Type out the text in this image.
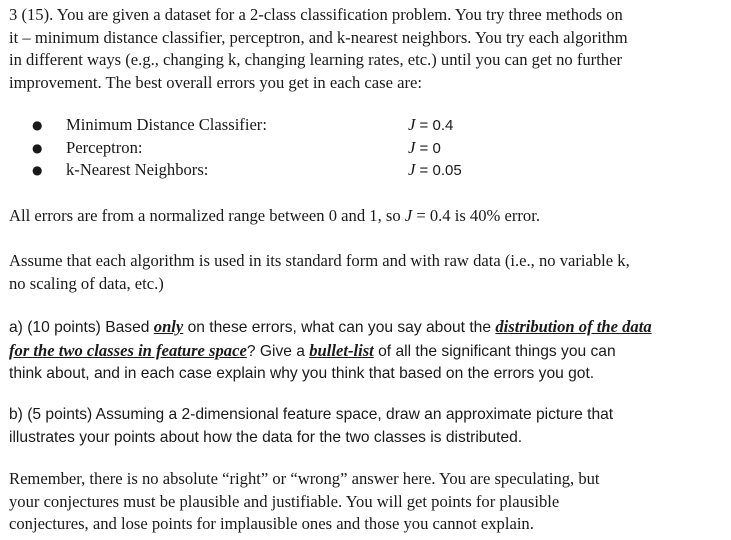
3 (15). You are given a dataset for a 2-class classification problem. You try three methods on
it – minimum distance classifier, perceptron, and k-nearest neighbors. You try each algorithm
in different ways (e.g., changing k, changing learning rates, etc.) until you can get no further
improvement. The best overall errors you get in each case are:

● Minimum Distance Classifier:	J = 0.4
● Perceptron:	J = 0
● k-Nearest Neighbors:	J = 0.05

All errors are from a normalized range between 0 and 1, so J = 0.4 is 40% error.

Assume that each algorithm is used in its standard form and with raw data (i.e., no variable k,
no scaling of data, etc.)

a) (10 points) Based only on these errors, what can you say about the distribution of the data
for the two classes in feature space? Give a bullet-list of all the significant things you can
think about, and in each case explain why you think that based on the errors you got.

b) (5 points) Assuming a 2-dimensional feature space, draw an approximate picture that
illustrates your points about how the data for the two classes is distributed.

Remember, there is no absolute “right” or “wrong” answer here. You are speculating, but
your conjectures must be plausible and justifiable. You will get points for plausible
conjectures, and lose points for implausible ones and those you cannot explain.
